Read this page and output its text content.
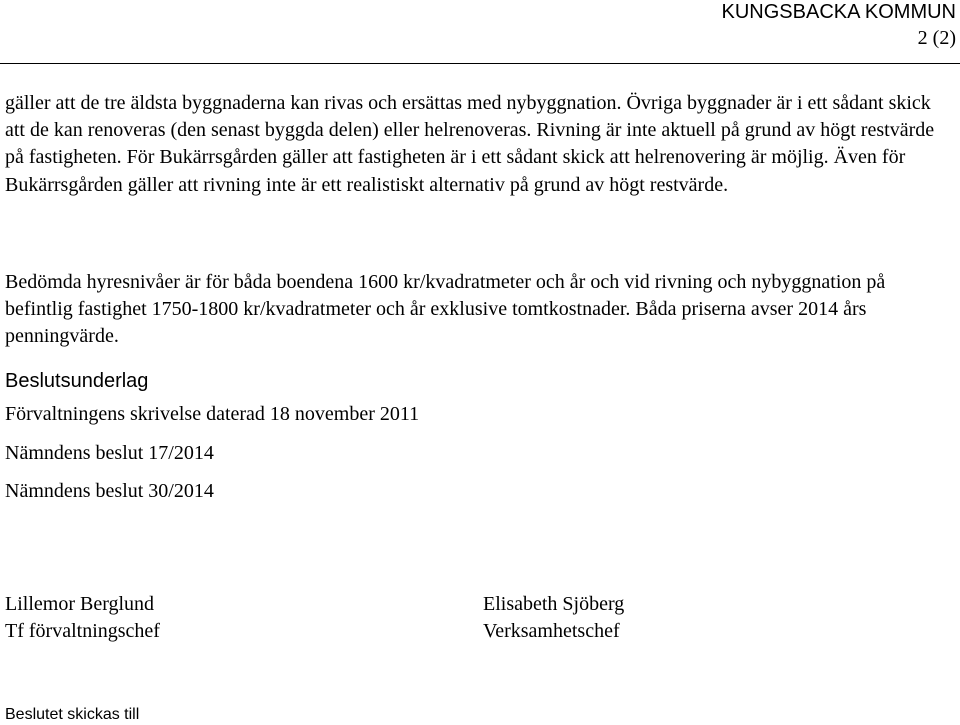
KUNGSBACKA KOMMUN
2 (2)

gäller att de tre äldsta byggnaderna kan rivas och ersättas med nybyggnation. Övriga byggnader är i ett sådant skick att de kan renoveras (den senast byggda delen) eller helrenoveras. Rivning är inte aktuell på grund av högt restvärde på fastigheten. För Bukärrsgården gäller att fastigheten är i ett sådant skick att helrenovering är möjlig. Även för Bukärrsgården gäller att rivning inte är ett realistiskt alternativ på grund av högt restvärde.

Bedömda hyresnivåer är för båda boendena 1600 kr/kvadratmeter och år och vid rivning och nybyggnation på befintlig fastighet 1750-1800 kr/kvadratmeter och år exklusive tomtkostnader. Båda priserna avser 2014 års penningvärde.

Beslutsunderlag
Förvaltningens skrivelse daterad 18 november 2011
Nämndens beslut 17/2014
Nämndens beslut 30/2014
Lillemor Berglund
Tf förvaltningschef
Elisabeth Sjöberg
Verksamhetschef
Beslutet skickas till
